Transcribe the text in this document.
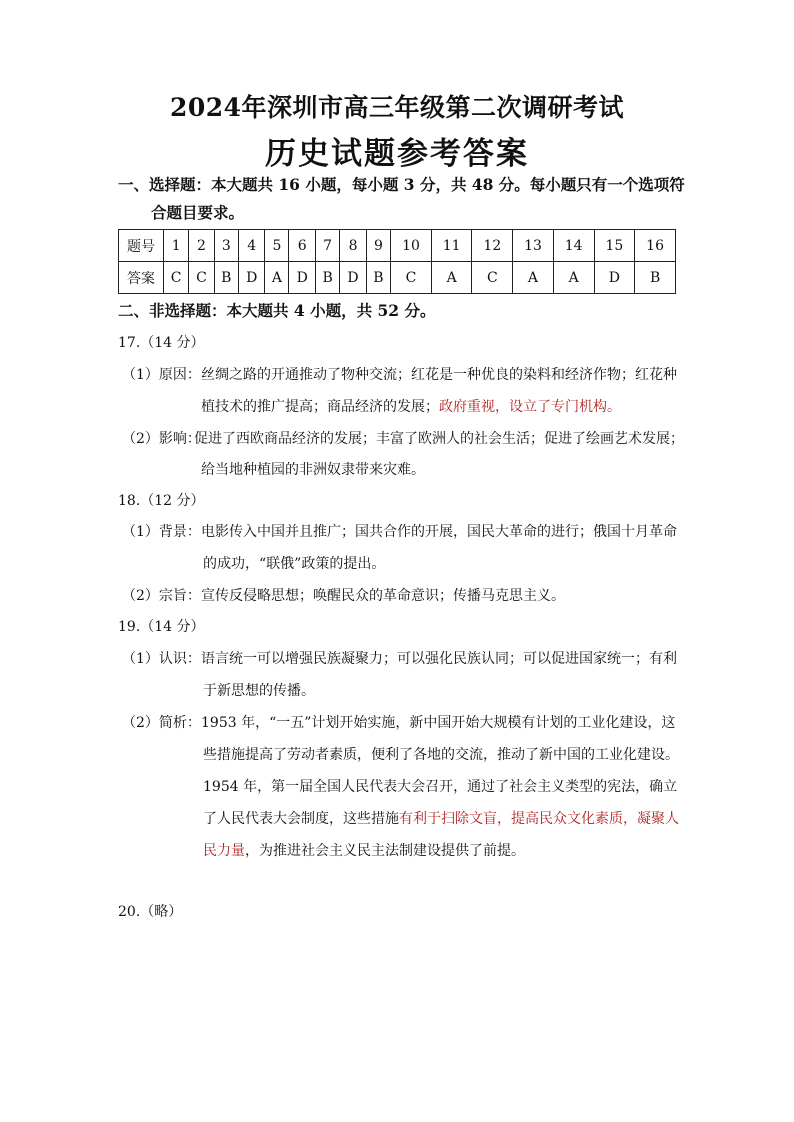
2024年深圳市高三年级第二次调研考试
历史试题参考答案
一、选择题：本大题共 16 小题，每小题 3 分，共 48 分。每小题只有一个选项符
合题目要求。
题号	1	2	3	4	5	6	7	8	9	10	11	12	13	14	15	16
答案	C	C	B	D	A	D	B	D	B	C	A	C	A	A	D	B
二、非选择题：本大题共 4 小题，共 52 分。
17.（14 分）
（1）原因： 丝绸之路的开通推动了物种交流；红花是一种优良的染料和经济作物；红花种
植技术的推广提高；商品经济的发展；政府重视，设立了专门机构。
（2）影响：
促进了西欧商品经济的发展；丰富了欧洲人的社会生活；促进了绘画艺术发展；
给当地种植园的非洲奴隶带来灾难。
18.（12 分）
（1）背景： 电影传入中国并且推广；国共合作的开展，国民大革命的进行；俄国十月革命
的成功，“联俄”政策的提出。
（2）宗旨： 宣传反侵略思想；唤醒民众的革命意识；传播马克思主义。
19.（14 分）
（1）认识： 语言统一可以增强民族凝聚力；可以强化民族认同；可以促进国家统一；有利
于新思想的传播。
（2）简析： 1953 年，“一五”计划开始实施，新中国开始大规模有计划的工业化建设，这
些措施提高了劳动者素质，便利了各地的交流，推动了新中国的工业化建设。
1954 年，第一届全国人民代表大会召开，通过了社会主义类型的宪法，确立
了人民代表大会制度，这些措施有利于扫除文盲，提高民众文化素质，凝聚人
民力量，为推进社会主义民主法制建设提供了前提。
20.（略）
